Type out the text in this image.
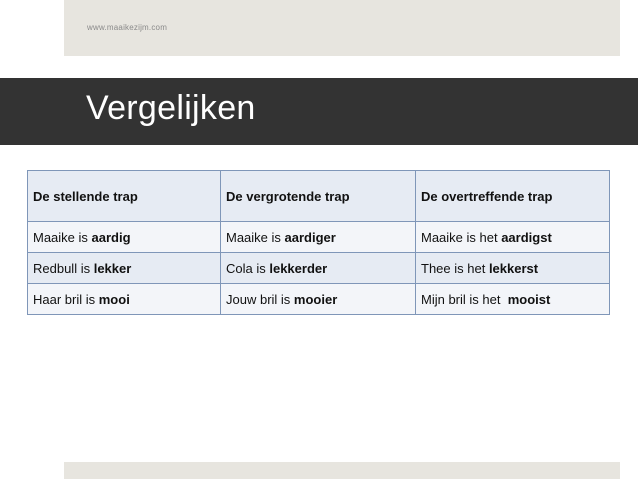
www.maaikezijm.com
Vergelijken
De stellende trap	De vergrotende trap	De overtreffende trap
Maaike is aardig	Maaike is aardiger	Maaike is het aardigst
Redbull is lekker	Cola is lekkerder	Thee is het lekkerst
Haar bril is mooi	Jouw bril is mooier	Mijn bril is het  mooist
